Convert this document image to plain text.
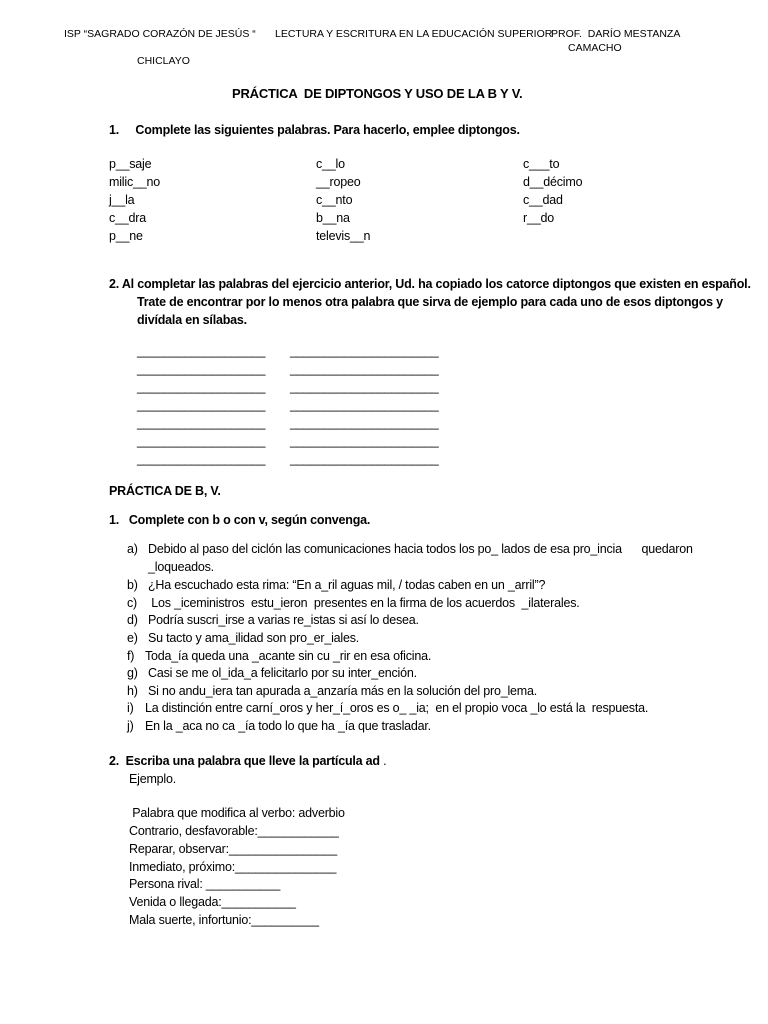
ISP “SAGRADO CORAZÓN DE JESÚS “ LECTURA Y ESCRITURA EN LA EDUCACIÓN SUPERIOR
PROF.  DARÍO MESTANZA
CAMACHO
CHICLAYO
PRÁCTICA  DE DIPTONGOS Y USO DE LA B Y V.
1.     Complete las siguientes palabras. Para hacerlo, emplee diptongos.
p__saje
milic__no
j__la
c__dra
p__ne
c__lo
__ropeo
c__nto
b__na
televis__n
c___to
d__décimo
c__dad
r__do
2. Al completar las palabras del ejercicio anterior, Ud. ha copiado los catorce diptongos que existen en español.
Trate de encontrar por lo menos otra palabra que sirva de ejemplo para cada uno de esos diptongos y
divídala en sílabas.
___________________ ______________________
___________________ ______________________
___________________ ______________________
___________________ ______________________
___________________ ______________________
___________________ ______________________
___________________ ______________________
PRÁCTICA DE B, V.
1.   Complete con b o con v, según convenga.
a) Debido al paso del ciclón las comunicaciones hacia todos los po_ lados de esa pro_incia      quedaron
_loqueados.
b) ¿Ha escuchado esta rima: “En a_ril aguas mil, / todas caben en un _arril”?
c) Los _iceministros  estu_ieron  presentes en la firma de los acuerdos  _ilaterales.
d) Podría suscri_irse a varias re_istas si así lo desea.
e) Su tacto y ama_ilidad son pro_er_iales.
f) Toda_ía queda una _acante sin cu _rir en esa oficina.
g) Casi se me ol_ida_a felicitarlo por su inter_ención.
h) Si no andu_iera tan apurada a_anzaría más en la solución del pro_lema.
i) La distinción entre carní_oros y her_í_oros es o_ _ia;  en el propio voca _lo está la  respuesta.
j) En la _aca no ca _ía todo lo que ha _ía que trasladar.
2.  Escriba una palabra que lleve la partícula ad .
Ejemplo.
Palabra que modifica al verbo: adverbio
Contrario, desfavorable:____________
Reparar, observar:________________
Inmediato, próximo:_______________
Persona rival: ___________
Venida o llegada:___________
Mala suerte, infortunio:__________
